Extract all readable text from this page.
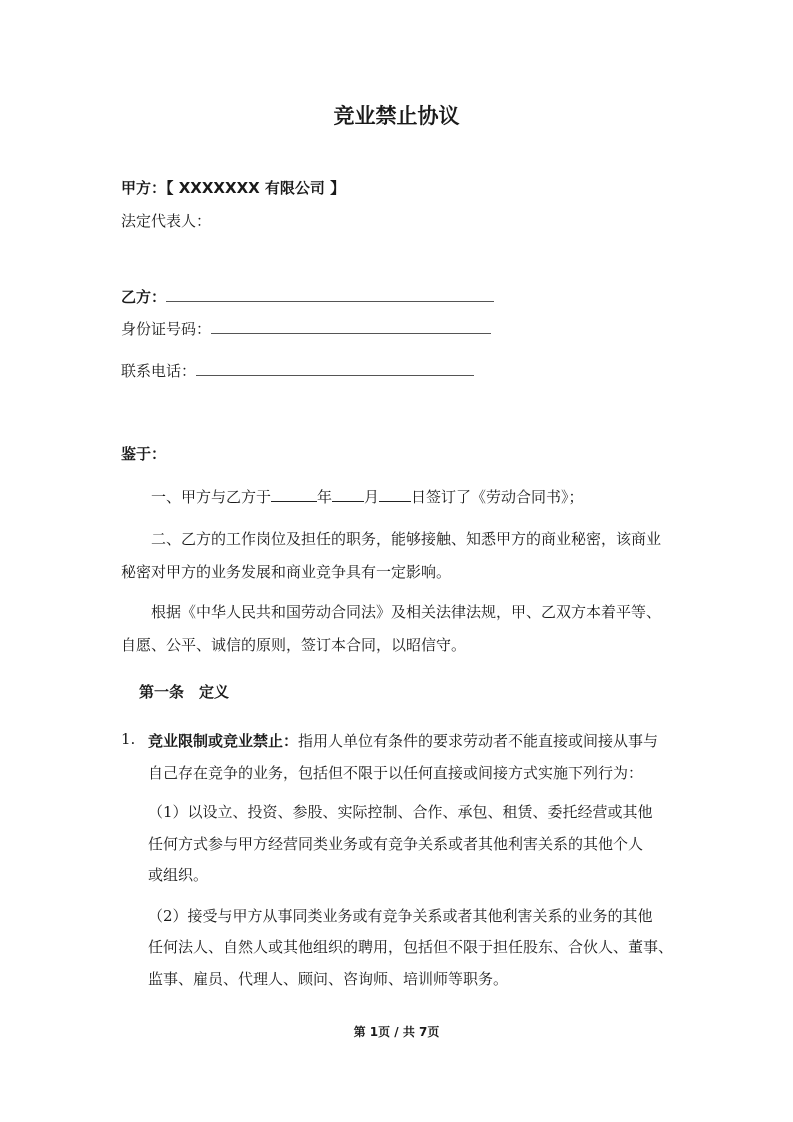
竞业禁止协议
甲方：【 XXXXXXX 有限公司 】
法定代表人：
乙方：
身份证号码：
联系电话：
鉴于：
一、甲方与乙方于	年 月 日签订了《劳动合同书》；
二、乙方的工作岗位及担任的职务，能够接触、知悉甲方的商业秘密，该商业
秘密对甲方的业务发展和商业竞争具有一定影响。
根据《中华人民共和国劳动合同法》及相关法律法规，甲、乙双方本着平等、
自愿、公平、诚信的原则，签订本合同，以昭信守。
第一条　定义
1. 竞业限制或竞业禁止：指用人单位有条件的要求劳动者不能直接或间接从事与
自己存在竞争的业务，包括但不限于以任何直接或间接方式实施下列行为：
（1）以设立、投资、参股、实际控制、合作、承包、租赁、委托经营或其他
任何方式参与甲方经营同类业务或有竞争关系或者其他利害关系的其他个人
或组织。
（2）接受与甲方从事同类业务或有竞争关系或者其他利害关系的业务的其他
任何法人、自然人或其他组织的聘用，包括但不限于担任股东、合伙人、董事、
监事、雇员、代理人、顾问、咨询师、培训师等职务。
第 1页 / 共 7页
